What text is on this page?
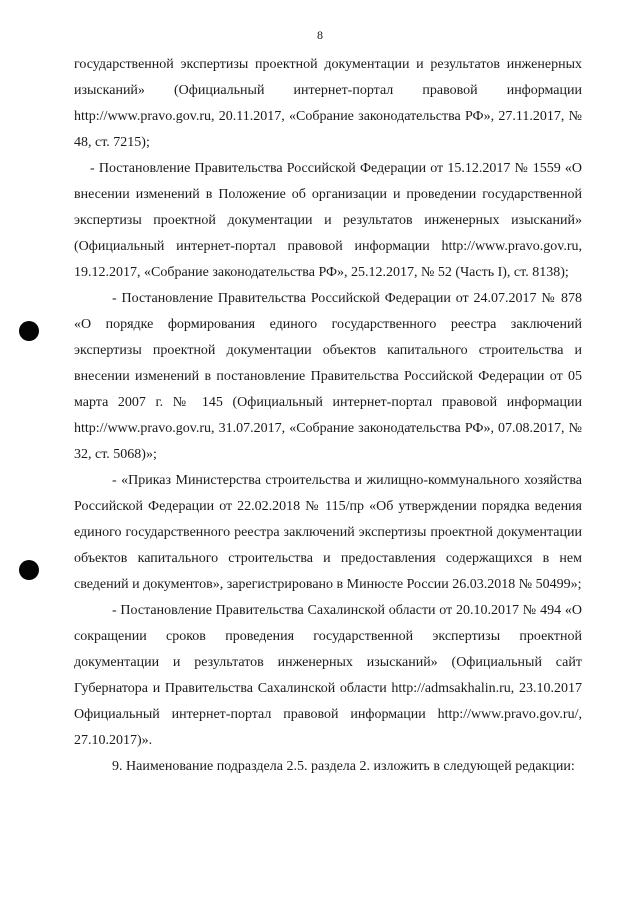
8

государственной экспертизы проектной документации и результатов инженерных изысканий» (Официальный интернет-портал правовой информации http://www.pravo.gov.ru, 20.11.2017, «Собрание законодательства РФ», 27.11.2017, № 48, ст. 7215);

- Постановление Правительства Российской Федерации от 15.12.2017 № 1559 «О внесении изменений в Положение об организации и проведении государственной экспертизы проектной документации и результатов инженерных изысканий» (Официальный интернет-портал правовой информации http://www.pravo.gov.ru, 19.12.2017, «Собрание законодательства РФ», 25.12.2017, № 52 (Часть I), ст. 8138);

- Постановление Правительства Российской Федерации от 24.07.2017 № 878 «О порядке формирования единого государственного реестра заключений экспертизы проектной документации объектов капитального строительства и внесении изменений в постановление Правительства Российской Федерации от 05 марта 2007 г. № 145 (Официальный интернет-портал правовой информации http://www.pravo.gov.ru, 31.07.2017, «Собрание законодательства РФ», 07.08.2017, № 32, ст. 5068)»;

- «Приказ Министерства строительства и жилищно-коммунального хозяйства Российской Федерации от 22.02.2018 № 115/пр «Об утверждении порядка ведения единого государственного реестра заключений экспертизы проектной документации объектов капитального строительства и предоставления содержащихся в нем сведений и документов», зарегистрировано в Минюсте России 26.03.2018 № 50499»;

- Постановление Правительства Сахалинской области от 20.10.2017 № 494 «О сокращении сроков проведения государственной экспертизы проектной документации и результатов инженерных изысканий» (Официальный сайт Губернатора и Правительства Сахалинской области http://admsakhalin.ru, 23.10.2017 Официальный интернет-портал правовой информации http://www.pravo.gov.ru/, 27.10.2017)».

9. Наименование подраздела 2.5. раздела 2. изложить в следующей редакции:
